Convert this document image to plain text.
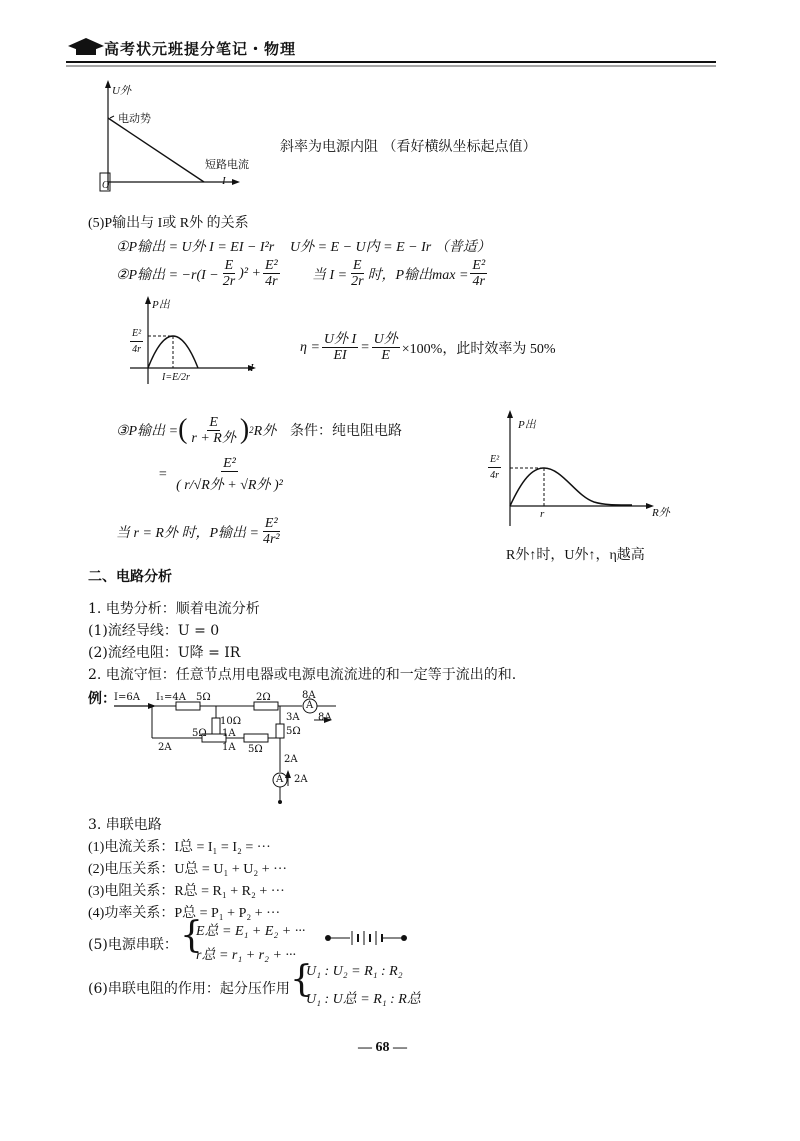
高考状元班提分笔记・物理
U外
电动势
短路电流
I
O
斜率为电源内阻 （看好横纵坐标起点值）
(5)P输出与 I或 R外 的关系
①P输出 = U外 I = EI − I²r U外 = E − U内 = E − Ir （普适）
②P输出 = $-r(I - \frac{E}{2r} )^2 + \frac{\text{E²}}{4r}$ 当 $I = \frac{E}{2r}$ 时，P输出$\max = \frac{\text{E²}}{4r}$
P出
$\frac{\text{E²}}{4r}$
I
I=E/2r
$\eta = \frac{\text{U外 I}}{EI} = \frac{\text{U外}}{E} \times 100\%$，此时效率为 50%
③P输出 = ( $\frac{E}{\text{r + R外}}$ ) 2 R外 条件：纯电阻电路
= $\frac{\text{E²}}{\text{( r/√R外 + √R外 )²}}$
当 r = R外 时，P输出 = $\frac{\text{E²}}{\text{4r²}}$
P出
$\frac{\text{E²}}{4r}$
r	R外
R外↑时，U外↑，η越高
二、电路分析
1. 电势分析：顺着电流分析
(1)流经导线：U = 0
(2)流经电阻：U降 = IR
2. 电流守恒：任意节点用电器或电源电流流进的和一定等于流出的和.
例：
I=6A I₁=4A 5Ω	2Ω	8A
A
8A
10Ω	3A
5Ω
5Ω 1A
5Ω
2A	1A
2A
A 2A
3. 串联电路
(1)电流关系：I总 = I₁ = I₂ = ···
(2)电压关系：U总 = U₁ + U₂ + ···
(3)电阻关系：R总 = R₁ + R₂ + ···
(4)功率关系：P总 = P₁ + P₂ + ···
(5)电源串联： {
E总 = E₁ + E₂ + ···
r总 = r₁ + r₂ + ···
(6)串联电阻的作用：起分压作用 {
U₁ : U₂ = R₁ : R₂
U₁ : U总 = R₁ : R总
— 68 —
